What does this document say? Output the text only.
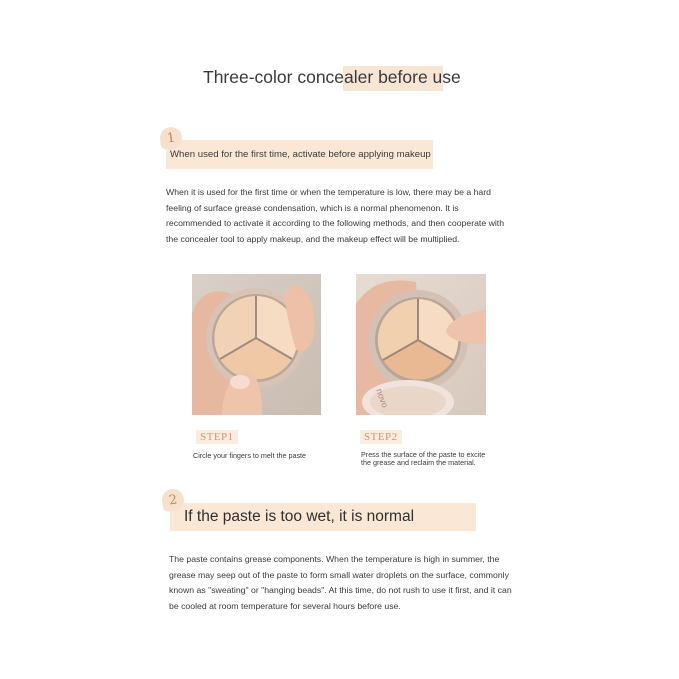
Three-color concealer before use
1
When used for the first time, activate before applying makeup
When it is used for the first time or when the temperature is low, there may be a hard feeling of surface grease condensation, which is a normal phenomenon. It is recommended to activate it according to the following methods, and then cooperate with the concealer tool to apply makeup, and the makeup effect will be multiplied.
novo
STEP1
Circle your fingers to melt the paste
STEP2
Press the surface of the paste to excite the grease and reclaim the material.
2
If the paste is too wet, it is normal
The paste contains grease components. When the temperature is high in summer, the grease may seep out of the paste to form small water droplets on the surface, commonly known as "sweating" or "hanging beads". At this time, do not rush to use it first, and it can be cooled at room temperature for several hours before use.
